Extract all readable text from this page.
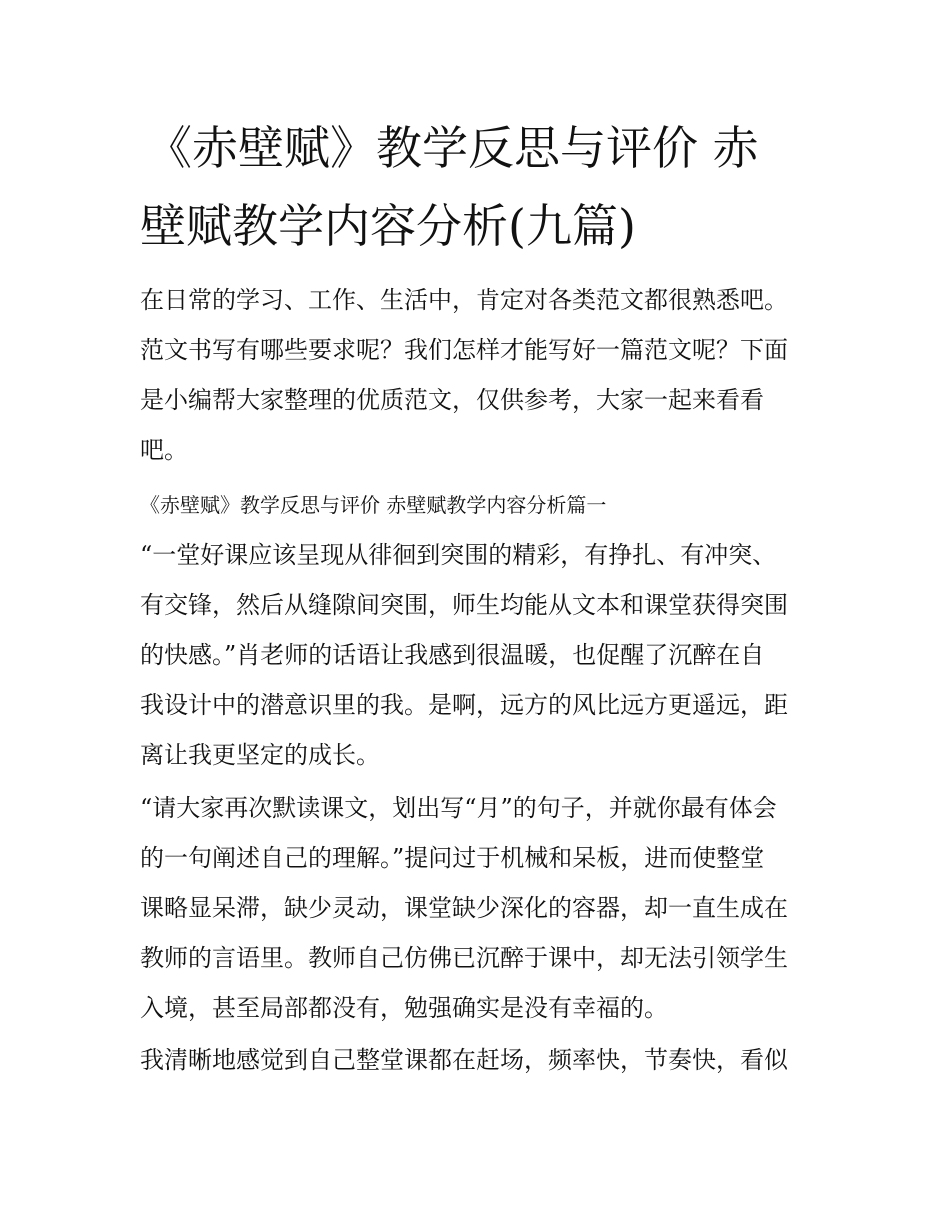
《赤壁赋》教学反思与评价 赤
壁赋教学内容分析(九篇)
在日常的学习、工作、生活中，肯定对各类范文都很熟悉吧。
范文书写有哪些要求呢？我们怎样才能写好一篇范文呢？下面
是小编帮大家整理的优质范文，仅供参考，大家一起来看看
吧。
《赤壁赋》教学反思与评价 赤壁赋教学内容分析篇一
“一堂好课应该呈现从徘徊到突围的精彩，有挣扎、有冲突、
有交锋，然后从缝隙间突围，师生均能从文本和课堂获得突围
的快感。”肖老师的话语让我感到很温暖，也促醒了沉醉在自
我设计中的潜意识里的我。是啊，远方的风比远方更遥远，距
离让我更坚定的成长。
“请大家再次默读课文，划出写“月”的句子，并就你最有体会
的一句阐述自己的理解。”提问过于机械和呆板，进而使整堂
课略显呆滞，缺少灵动，课堂缺少深化的容器，却一直生成在
教师的言语里。教师自己仿佛已沉醉于课中，却无法引领学生
入境，甚至局部都没有，勉强确实是没有幸福的。
我清晰地感觉到自己整堂课都在赶场，频率快，节奏快，看似
